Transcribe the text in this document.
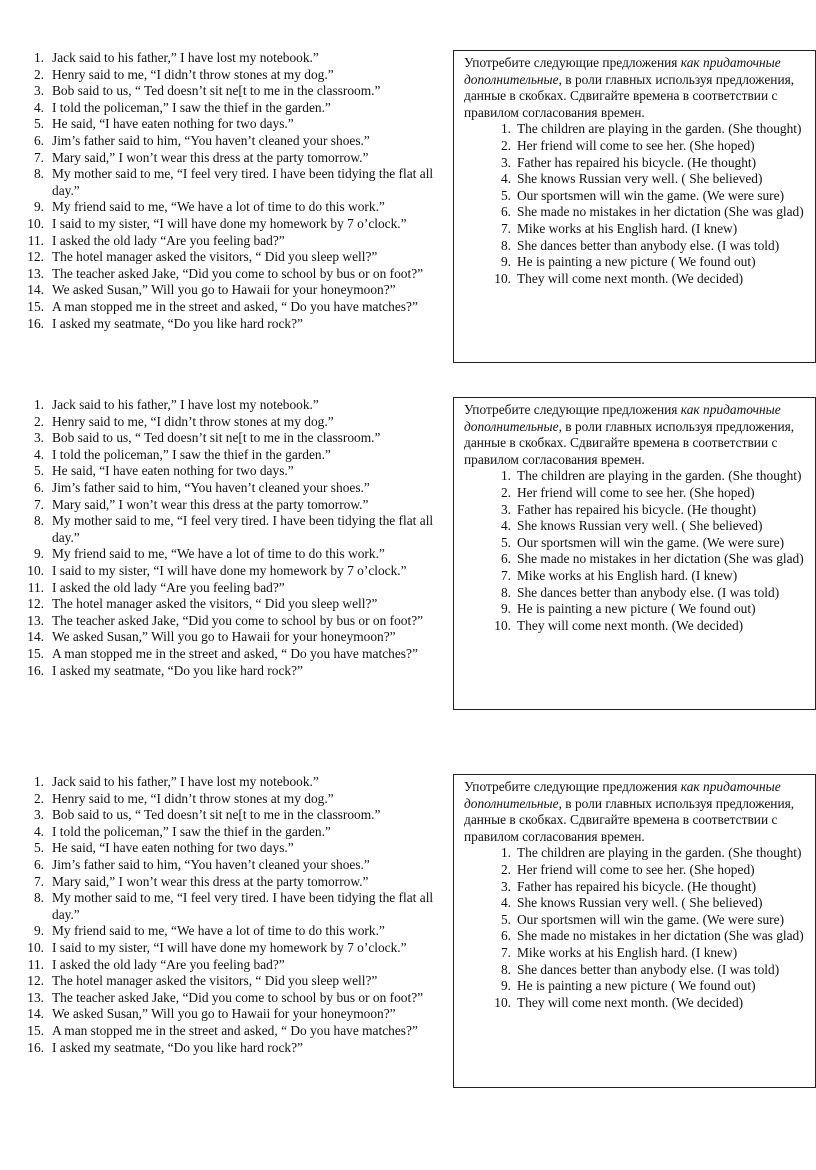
1. Jack said to his father,” I have lost my notebook.”
2. Henry said to me, “I didn’t throw stones at my dog.”
3. Bob said to us, “ Ted doesn’t sit ne[t to me in the classroom.”
4. I told the policeman,” I saw the thief in the garden.”
5. He said, “I have eaten nothing for two days.”
6. Jim’s father said to him, “You haven’t cleaned your shoes.”
7. Mary said,” I won’t wear this dress at the party tomorrow.”
8. My mother said to me, “I feel very tired. I have been tidying the flat all day.”
9. My friend said to me, “We have a lot of time to do this work.”
10. I said to my sister, “I will have done my homework by 7 o’clock.”
11. I asked the old lady “Are you feeling bad?”
12. The hotel manager asked the visitors, “ Did you sleep well?”
13. The teacher asked Jake, “Did you come to school by bus or on foot?”
14. We asked Susan,” Will you go to Hawaii for your honeymoon?”
15. A man stopped me in the street and asked, “ Do you have matches?”
16. I asked my seatmate, “Do you like hard rock?”

Употребите следующие предложения как придаточные дополнительные, в роли главных используя предложения, данные в скобках. Сдвигайте времена в соответствии с правилом согласования времен.

1. The children are playing in the garden. (She thought)
2. Her friend will come to see her. (She hoped)
3. Father has repaired his bicycle. (He thought)
4. She knows Russian very well. ( She believed)
5. Our sportsmen will win the game. (We were sure)
6. She made no mistakes in her dictation (She was glad)
7. Mike works at his English hard. (I knew)
8. She dances better than anybody else. (I was told)
9. He is painting a new picture ( We found out)
10. They will come next month. (We decided)
1. Jack said to his father,” I have lost my notebook.”
2. Henry said to me, “I didn’t throw stones at my dog.”
3. Bob said to us, “ Ted doesn’t sit ne[t to me in the classroom.”
4. I told the policeman,” I saw the thief in the garden.”
5. He said, “I have eaten nothing for two days.”
6. Jim’s father said to him, “You haven’t cleaned your shoes.”
7. Mary said,” I won’t wear this dress at the party tomorrow.”
8. My mother said to me, “I feel very tired. I have been tidying the flat all day.”
9. My friend said to me, “We have a lot of time to do this work.”
10. I said to my sister, “I will have done my homework by 7 o’clock.”
11. I asked the old lady “Are you feeling bad?”
12. The hotel manager asked the visitors, “ Did you sleep well?”
13. The teacher asked Jake, “Did you come to school by bus or on foot?”
14. We asked Susan,” Will you go to Hawaii for your honeymoon?”
15. A man stopped me in the street and asked, “ Do you have matches?”
16. I asked my seatmate, “Do you like hard rock?”

Употребите следующие предложения как придаточные дополнительные, в роли главных используя предложения, данные в скобках. Сдвигайте времена в соответствии с правилом согласования времен.

1. The children are playing in the garden. (She thought)
2. Her friend will come to see her. (She hoped)
3. Father has repaired his bicycle. (He thought)
4. She knows Russian very well. ( She believed)
5. Our sportsmen will win the game. (We were sure)
6. She made no mistakes in her dictation (She was glad)
7. Mike works at his English hard. (I knew)
8. She dances better than anybody else. (I was told)
9. He is painting a new picture ( We found out)
10. They will come next month. (We decided)
1. Jack said to his father,” I have lost my notebook.”
2. Henry said to me, “I didn’t throw stones at my dog.”
3. Bob said to us, “ Ted doesn’t sit ne[t to me in the classroom.”
4. I told the policeman,” I saw the thief in the garden.”
5. He said, “I have eaten nothing for two days.”
6. Jim’s father said to him, “You haven’t cleaned your shoes.”
7. Mary said,” I won’t wear this dress at the party tomorrow.”
8. My mother said to me, “I feel very tired. I have been tidying the flat all day.”
9. My friend said to me, “We have a lot of time to do this work.”
10. I said to my sister, “I will have done my homework by 7 o’clock.”
11. I asked the old lady “Are you feeling bad?”
12. The hotel manager asked the visitors, “ Did you sleep well?”
13. The teacher asked Jake, “Did you come to school by bus or on foot?”
14. We asked Susan,” Will you go to Hawaii for your honeymoon?”
15. A man stopped me in the street and asked, “ Do you have matches?”
16. I asked my seatmate, “Do you like hard rock?”

Употребите следующие предложения как придаточные дополнительные, в роли главных используя предложения, данные в скобках. Сдвигайте времена в соответствии с правилом согласования времен.

1. The children are playing in the garden. (She thought)
2. Her friend will come to see her. (She hoped)
3. Father has repaired his bicycle. (He thought)
4. She knows Russian very well. ( She believed)
5. Our sportsmen will win the game. (We were sure)
6. She made no mistakes in her dictation (She was glad)
7. Mike works at his English hard. (I knew)
8. She dances better than anybody else. (I was told)
9. He is painting a new picture ( We found out)
10. They will come next month. (We decided)
